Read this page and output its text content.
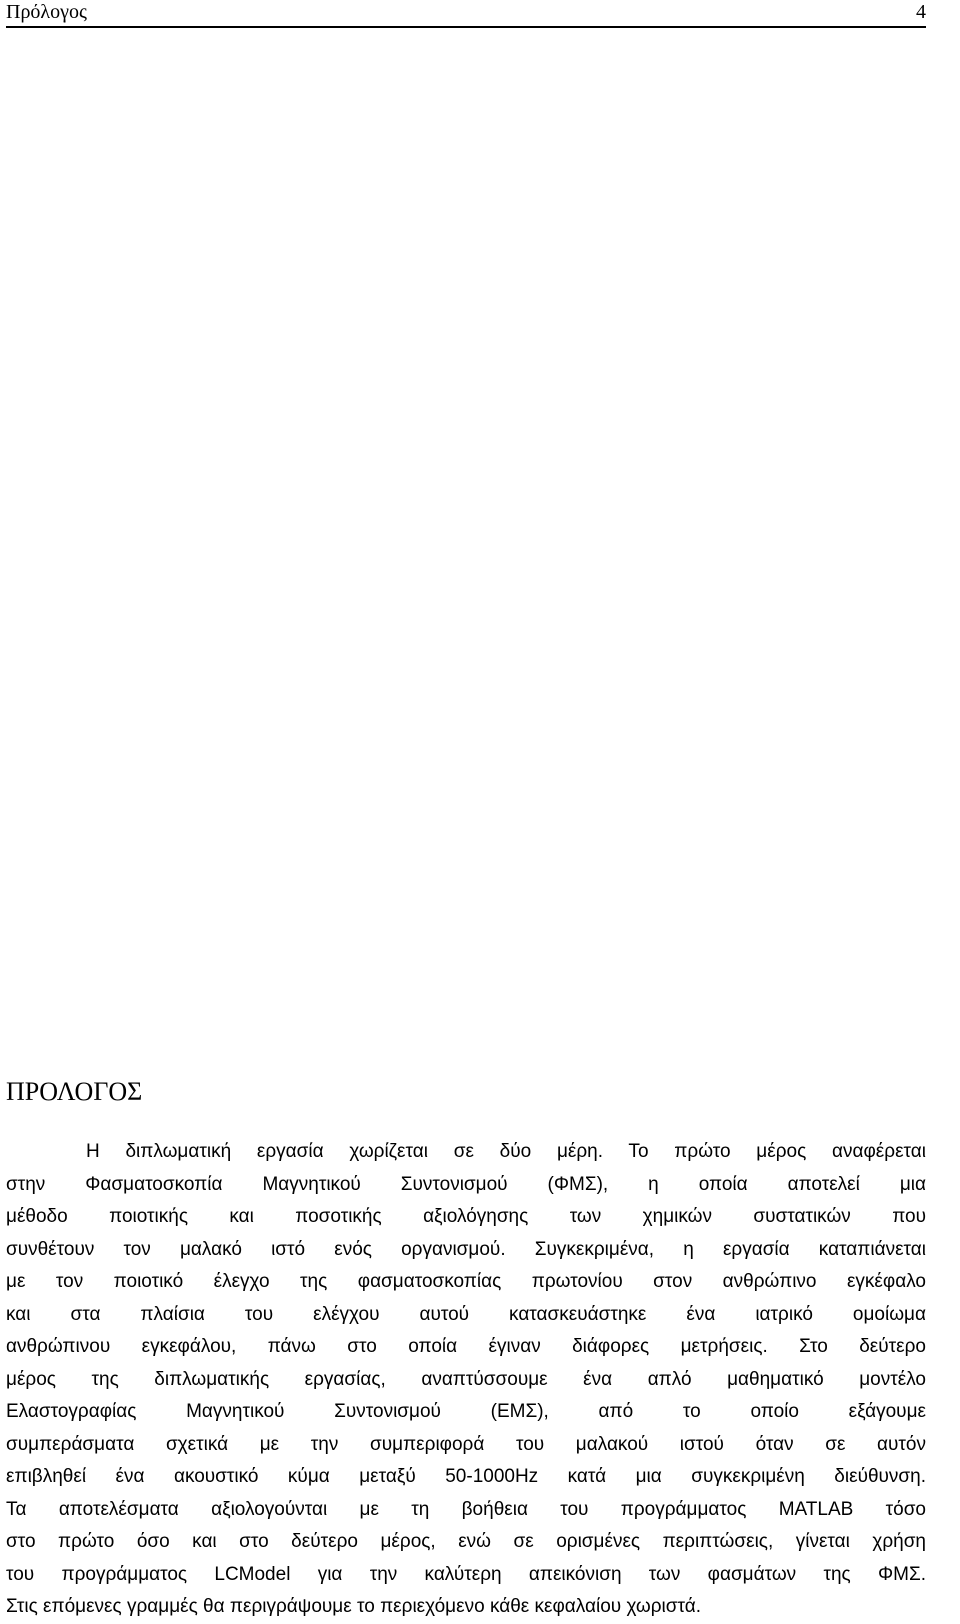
Πρόλογος	4
ΠΡΟΛΟΓΟΣ
Η διπλωματική εργασία χωρίζεται σε δύο μέρη. Το πρώτο μέρος αναφέρεται
στην Φασματοσκοπία Μαγνητικού Συντονισμού (ΦΜΣ), η οποία αποτελεί μια
μέθοδο ποιοτικής και ποσοτικής αξιολόγησης των χημικών συστατικών που
συνθέτουν τον μαλακό ιστό ενός οργανισμού. Συγκεκριμένα, η εργασία καταπιάνεται
με τον ποιοτικό έλεγχο της φασματοσκοπίας πρωτονίου στον ανθρώπινο εγκέφαλο
και στα πλαίσια του ελέγχου αυτού κατασκευάστηκε ένα ιατρικό ομοίωμα
ανθρώπινου εγκεφάλου, πάνω στο οποία έγιναν διάφορες μετρήσεις. Στο δεύτερο
μέρος της διπλωματικής εργασίας, αναπτύσσουμε ένα απλό μαθηματικό μοντέλο
Ελαστογραφίας Μαγνητικού Συντονισμού (ΕΜΣ), από το οποίο εξάγουμε
συμπεράσματα σχετικά με την συμπεριφορά του μαλακού ιστού όταν σε αυτόν
επιβληθεί ένα ακουστικό κύμα μεταξύ 50-1000Hz κατά μια συγκεκριμένη διεύθυνση.
Τα αποτελέσματα αξιολογούνται με τη βοήθεια του προγράμματος MATLAB τόσο
στο πρώτο όσο και στο δεύτερο μέρος, ενώ σε ορισμένες περιπτώσεις, γίνεται χρήση
του προγράμματος LCModel για την καλύτερη απεικόνιση των φασμάτων της ΦΜΣ.
Στις επόμενες γραμμές θα περιγράψουμε το περιεχόμενο κάθε κεφαλαίου χωριστά.
